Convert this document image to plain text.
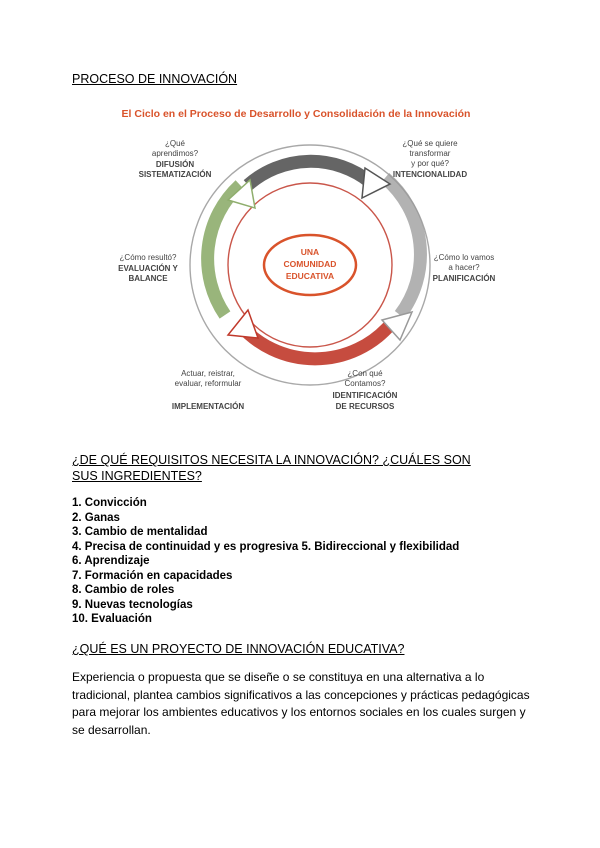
PROCESO DE INNOVACIÓN
El Ciclo en el Proceso de Desarrollo y Consolidación de la Innovación
UNA
COMUNIDAD
EDUCATIVA
¿Qué
aprendimos?
DIFUSIÓN
SISTEMATIZACIÓN
¿Qué se quiere
transformar
y por qué?
INTENCIONALIDAD
¿Cómo resultó?
EVALUACIÓN Y
BALANCE
¿Cómo lo vamos
a hacer?
PLANIFICACIÓN
Actuar, reistrar,
evaluar, reformular
IMPLEMENTACIÓN
¿Con qué
Contamos?
IDENTIFICACIÓN
DE RECURSOS
¿DE QUÉ REQUISITOS NECESITA LA INNOVACIÓN? ¿CUÁLES SON SUS INGREDIENTES?
1. Convicción
2. Ganas
3. Cambio de mentalidad
4. Precisa de continuidad y es progresiva 5. Bidireccional y flexibilidad
6. Aprendizaje
7. Formación en capacidades
8. Cambio de roles
9. Nuevas tecnologías
10. Evaluación
¿QUÉ ES UN PROYECTO DE INNOVACIÓN EDUCATIVA?

Experiencia o propuesta que se diseñe o se constituya en una alternativa a lo tradicional, plantea cambios significativos a las concepciones y prácticas pedagógicas para mejorar los ambientes educativos y los entornos sociales en los cuales surgen y se desarrollan.
